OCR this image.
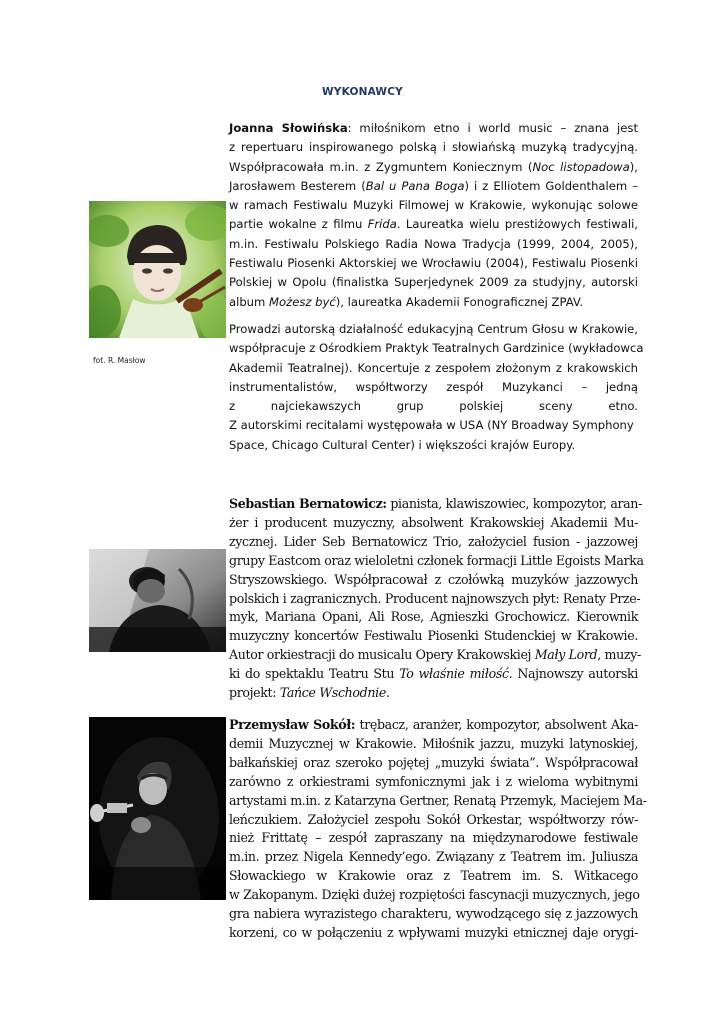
WYKONAWCY
fot. R. Masłow

Joanna Słowińska: miłośnikom etno i world music – znana jest
z repertuaru inspirowanego polską i słowiańską muzyką tradycyjną.
Współpracowała m.in. z Zygmuntem Koniecznym (Noc listopadowa),
Jarosławem Besterem (Bal u Pana Boga) i z Elliotem Goldenthalem –
w ramach Festiwalu Muzyki Filmowej w Krakowie, wykonując solowe
partie wokalne z filmu Frida. Laureatka wielu prestiżowych festiwali,
m.in. Festiwalu Polskiego Radia Nowa Tradycja (1999, 2004, 2005),
Festiwalu Piosenki Aktorskiej we Wrocławiu (2004), Festiwalu Piosenki
Polskiej w Opolu (finalistka Superjedynek 2009 za studyjny, autorski
album Możesz być), laureatka Akademii Fonograficznej ZPAV.

Prowadzi autorską działalność edukacyjną Centrum Głosu w Krakowie,
współpracuje z Ośrodkiem Praktyk Teatralnych Gardzinice (wykładowca
Akademii Teatralnej). Koncertuje z zespołem złożonym z krakowskich
instrumentalistów, współtworzy zespół Muzykanci – jedną
z najciekawszych grup polskiej sceny etno.
Z autorskimi recitalami występowała w USA (NY Broadway Symphony
Space, Chicago Cultural Center) i większości krajów Europy.

Sebastian Bernatowicz: pianista, klawiszowiec, kompozytor, aran-
żer i producent muzyczny, absolwent Krakowskiej Akademii Mu-
zycznej. Lider Seb Bernatowicz Trio, założyciel fusion - jazzowej
grupy Eastcom oraz wieloletni członek formacji Little Egoists Marka
Stryszowskiego. Współpracował z czołówką muzyków jazzowych
polskich i zagranicznych. Producent najnowszych płyt: Renaty Prze-
myk, Mariana Opani, Ali Rose, Agnieszki Grochowicz. Kierownik
muzyczny koncertów Festiwalu Piosenki Studenckiej w Krakowie.
Autor orkiestracji do musicalu Opery Krakowskiej Mały Lord, muzy-
ki do spektaklu Teatru Stu To właśnie miłość. Najnowszy autorski
projekt: Tańce Wschodnie.

Przemysław Sokół: trębacz, aranżer, kompozytor, absolwent Aka-
demii Muzycznej w Krakowie. Miłośnik jazzu, muzyki latynoskiej,
bałkańskiej oraz szeroko pojętej „muzyki świata”. Współpracował
zarówno z orkiestrami symfonicznymi jak i z wieloma wybitnymi
artystami m.in. z Katarzyna Gertner, Renatą Przemyk, Maciejem Ma-
leńczukiem. Założyciel zespołu Sokół Orkestar, współtworzy rów-
nież Frittatę – zespół zapraszany na międzynarodowe festiwale
m.in. przez Nigela Kennedy’ego. Związany z Teatrem im. Juliusza
Słowackiego w Krakowie oraz z Teatrem im. S. Witkacego
w Zakopanym. Dzięki dużej rozpiętości fascynacji muzycznych, jego
gra nabiera wyrazistego charakteru, wywodzącego się z jazzowych
korzeni, co w połączeniu z wpływami muzyki etnicznej daje orygi-
